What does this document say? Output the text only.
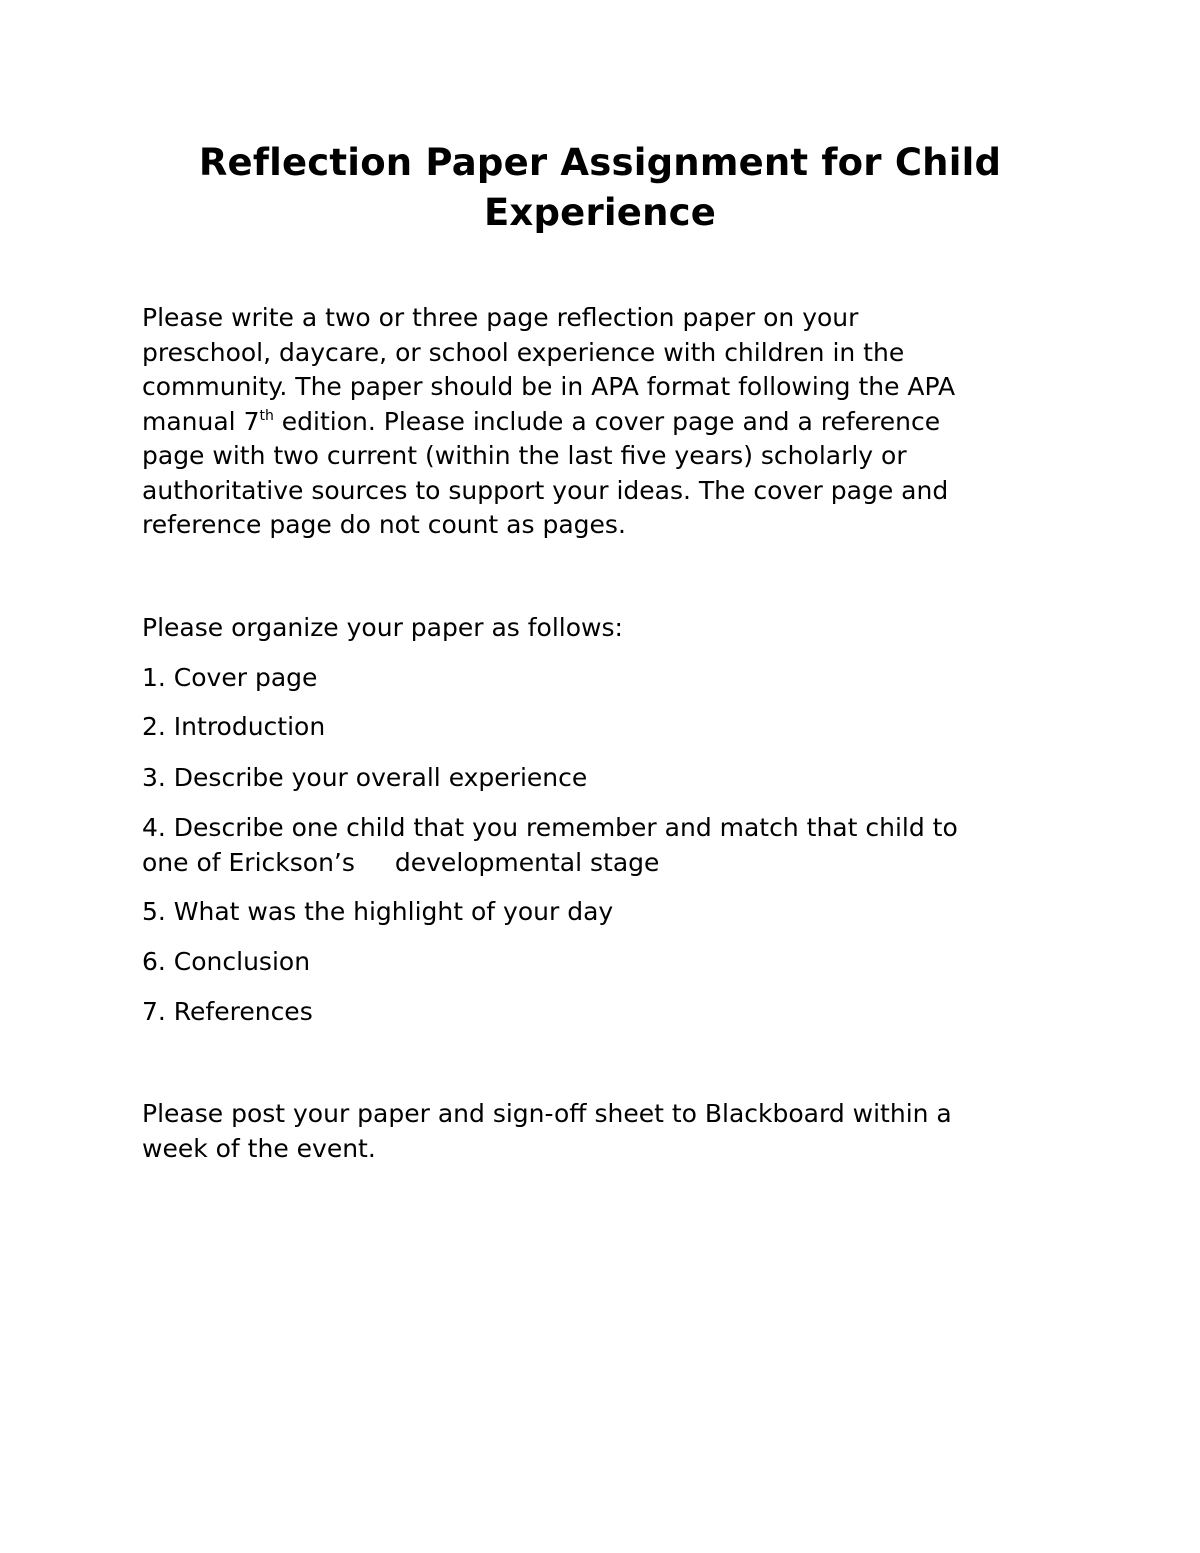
Reflection Paper Assignment for Child
Experience
Please write a two or three page reflection paper on your
preschool, daycare, or school experience with children in the
community. The paper should be in APA format following the APA
manual 7th edition. Please include a cover page and a reference
page with two current (within the last five years) scholarly or
authoritative sources to support your ideas. The cover page and
reference page do not count as pages.
Please organize your paper as follows:
1. Cover page
2. Introduction
3. Describe your overall experience
4. Describe one child that you remember and match that child to
one of Erickson’s developmental stage
5. What was the highlight of your day
6. Conclusion
7. References
Please post your paper and sign-off sheet to Blackboard within a
week of the event.
